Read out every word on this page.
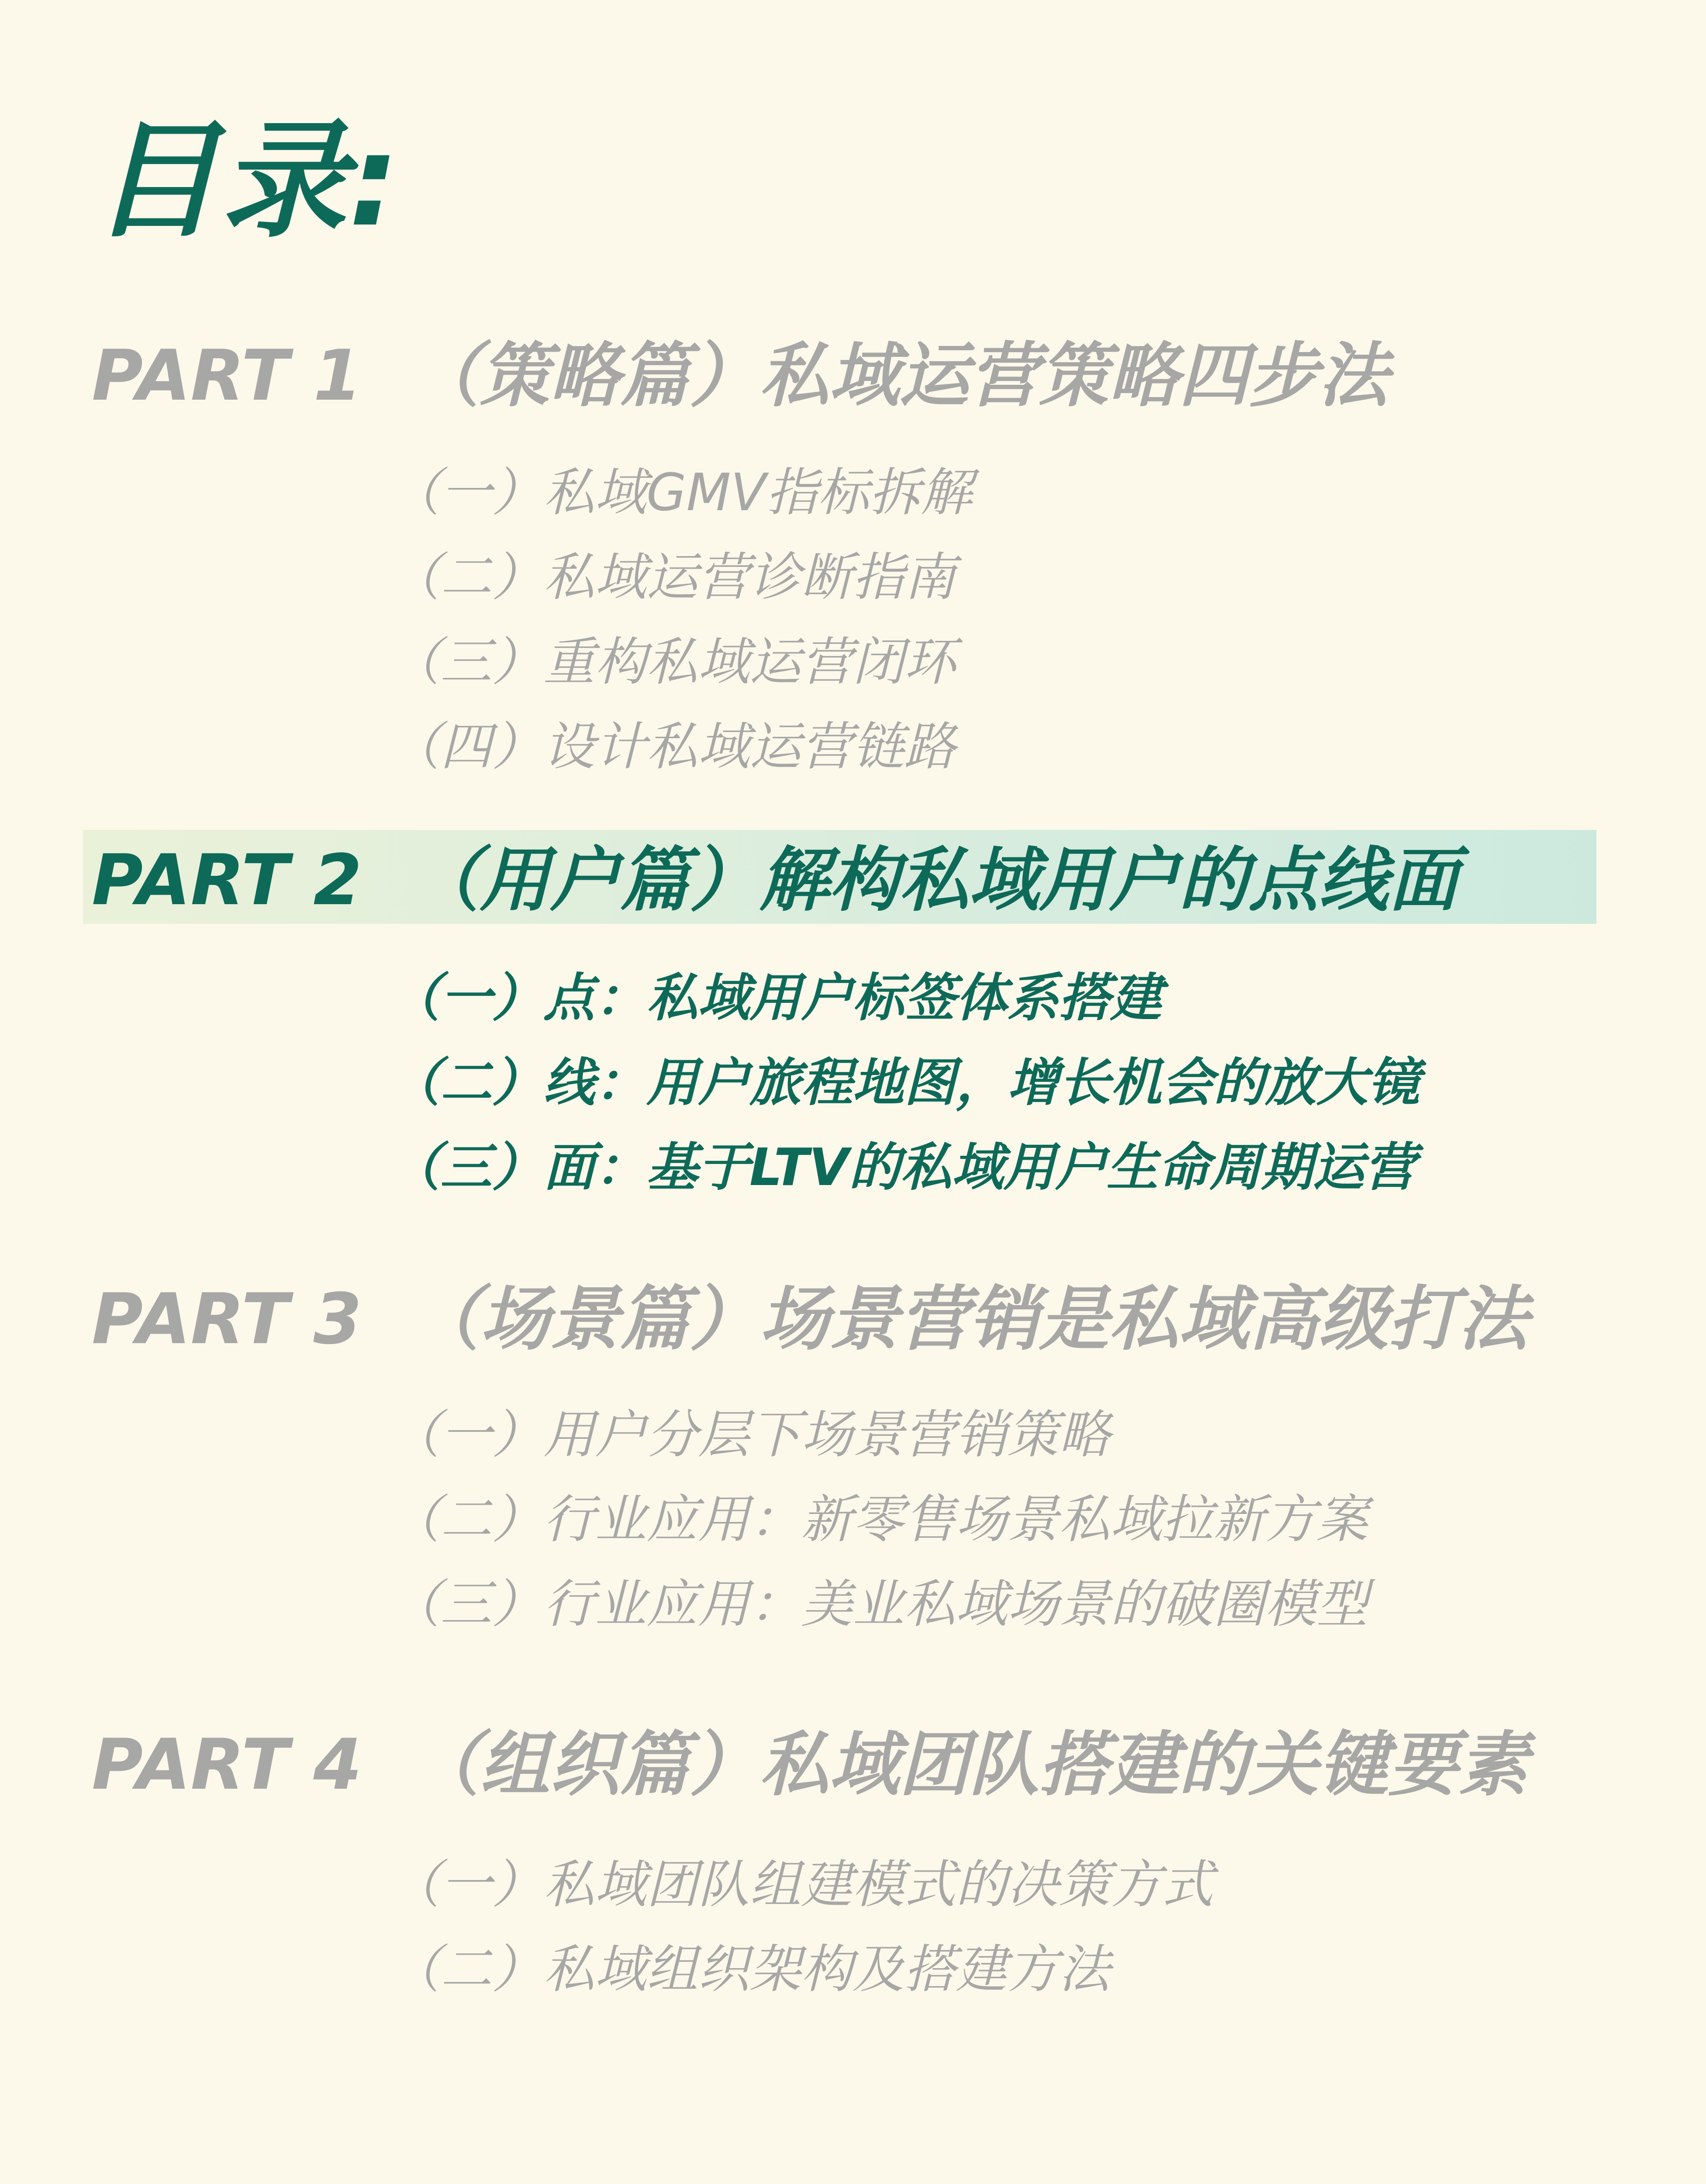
目录:
PART 1 （策略篇）私域运营策略四步法
（一）私域GMV指标拆解
（二）私域运营诊断指南
（三）重构私域运营闭环
（四）设计私域运营链路
PART 2 （用户篇）解构私域用户的点线面
（一）点：私域用户标签体系搭建
（二）线：用户旅程地图，增长机会的放大镜
（三）面：基于LTV的私域用户生命周期运营
PART 3 （场景篇）场景营销是私域高级打法
（一）用户分层下场景营销策略
（二）行业应用：新零售场景私域拉新方案
（三）行业应用：美业私域场景的破圈模型
PART 4 （组织篇）私域团队搭建的关键要素
（一）私域团队组建模式的决策方式
（二）私域组织架构及搭建方法
